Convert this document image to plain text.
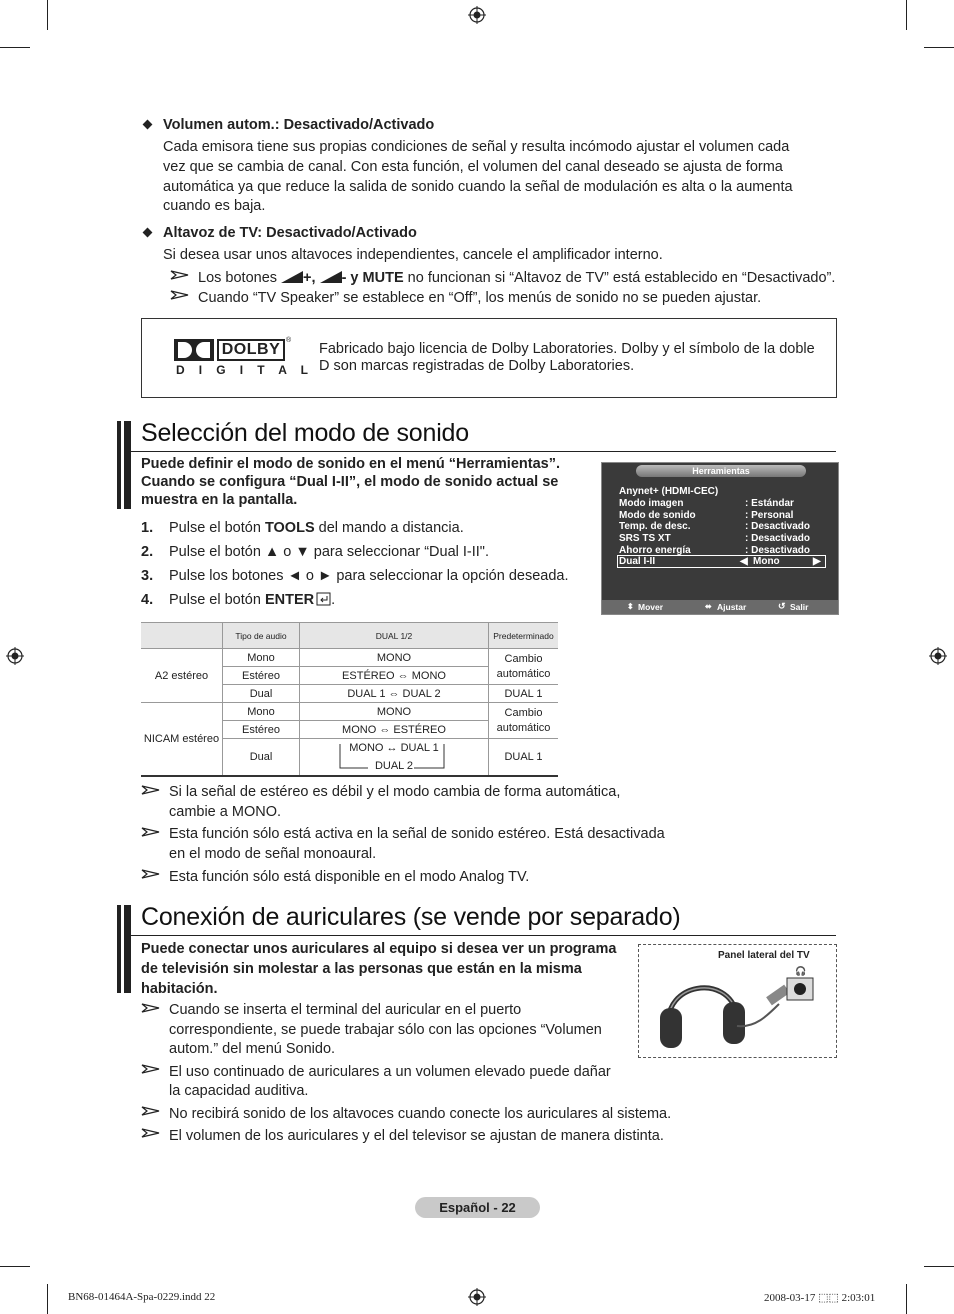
Volumen autom.: Desactivado/Activado
Cada emisora tiene sus propias condiciones de señal y resulta incómodo ajustar el volumen cada
vez que se cambia de canal. Con esta función, el volumen del canal deseado se ajusta de forma
automática ya que reduce la salida de sonido cuando la señal de modulación es alta o la aumenta
cuando es baja.
Altavoz de TV: Desactivado/Activado
Si desea usar unos altavoces independientes, cancele el amplificador interno.
Los botones +, - y MUTE no funcionan si “Altavoz de TV” está establecido en “Desactivado”.
Cuando “TV Speaker” se establece en “Off”, los menús de sonido no se pueden ajustar.
DOLBY
®
D I G I T A L
Fabricado bajo licencia de Dolby Laboratories. Dolby y el símbolo de la doble
D son marcas registradas de Dolby Laboratories.
Selección del modo de sonido
Puede definir el modo de sonido en el menú “Herramientas”.
Cuando se configura “Dual I-II”, el modo de sonido actual se
muestra en la pantalla.
1. Pulse el botón TOOLS del mando a distancia.
2. Pulse el botón ▲ o ▼ para seleccionar “Dual I-II".
3. Pulse los botones ◄ o ► para seleccionar la opción deseada.
4. Pulse el botón ENTER .
Herramientas
Anynet+ (HDMI-CEC)
Modo imagen	: Estándar
Modo de sonido	: Personal
Temp. de desc.	: Desactivado
SRS TS XT	: Desactivado
Ahorro energía	: Desactivado
Dual I-II	◀ Mono	▶
⬍ Mover	⬌ Ajustar	↺ Salir
	Tipo de audio	DUAL 1/2	Predeterminado
A2 estéreo	Mono	MONO	Cambio
automático
	Estéreo	ESTÉREO ⇔ MONO	
	Dual	DUAL 1 ⇔ DUAL 2	DUAL 1
NICAM estéreo	Mono	MONO	Cambio
automático
	Estéreo	MONO ⇔ ESTÉREO	
	Dual	MONO ↔ DUAL 1
DUAL 2	DUAL 1
Si la señal de estéreo es débil y el modo cambia de forma automática,
cambie a MONO.
Esta función sólo está activa en la señal de sonido estéreo. Está desactivada
en el modo de señal monoaural.
Esta función sólo está disponible en el modo Analog TV.
Conexión de auriculares (se vende por separado)
Puede conectar unos auriculares al equipo si desea ver un programa
de televisión sin molestar a las personas que están en la misma
habitación.
Panel lateral del TV
🎧
Cuando se inserta el terminal del auricular en el puerto
correspondiente, se puede trabajar sólo con las opciones “Volumen
autom.” del menú Sonido.
El uso continuado de auriculares a un volumen elevado puede dañar
la capacidad auditiva.
No recibirá sonido de los altavoces cuando conecte los auriculares al sistema.
El volumen de los auriculares y el del televisor se ajustan de manera distinta.
Español - 22
BN68-01464A-Spa-0229.indd 22	2008-03-17 ⬚⬚ 2:03:01
